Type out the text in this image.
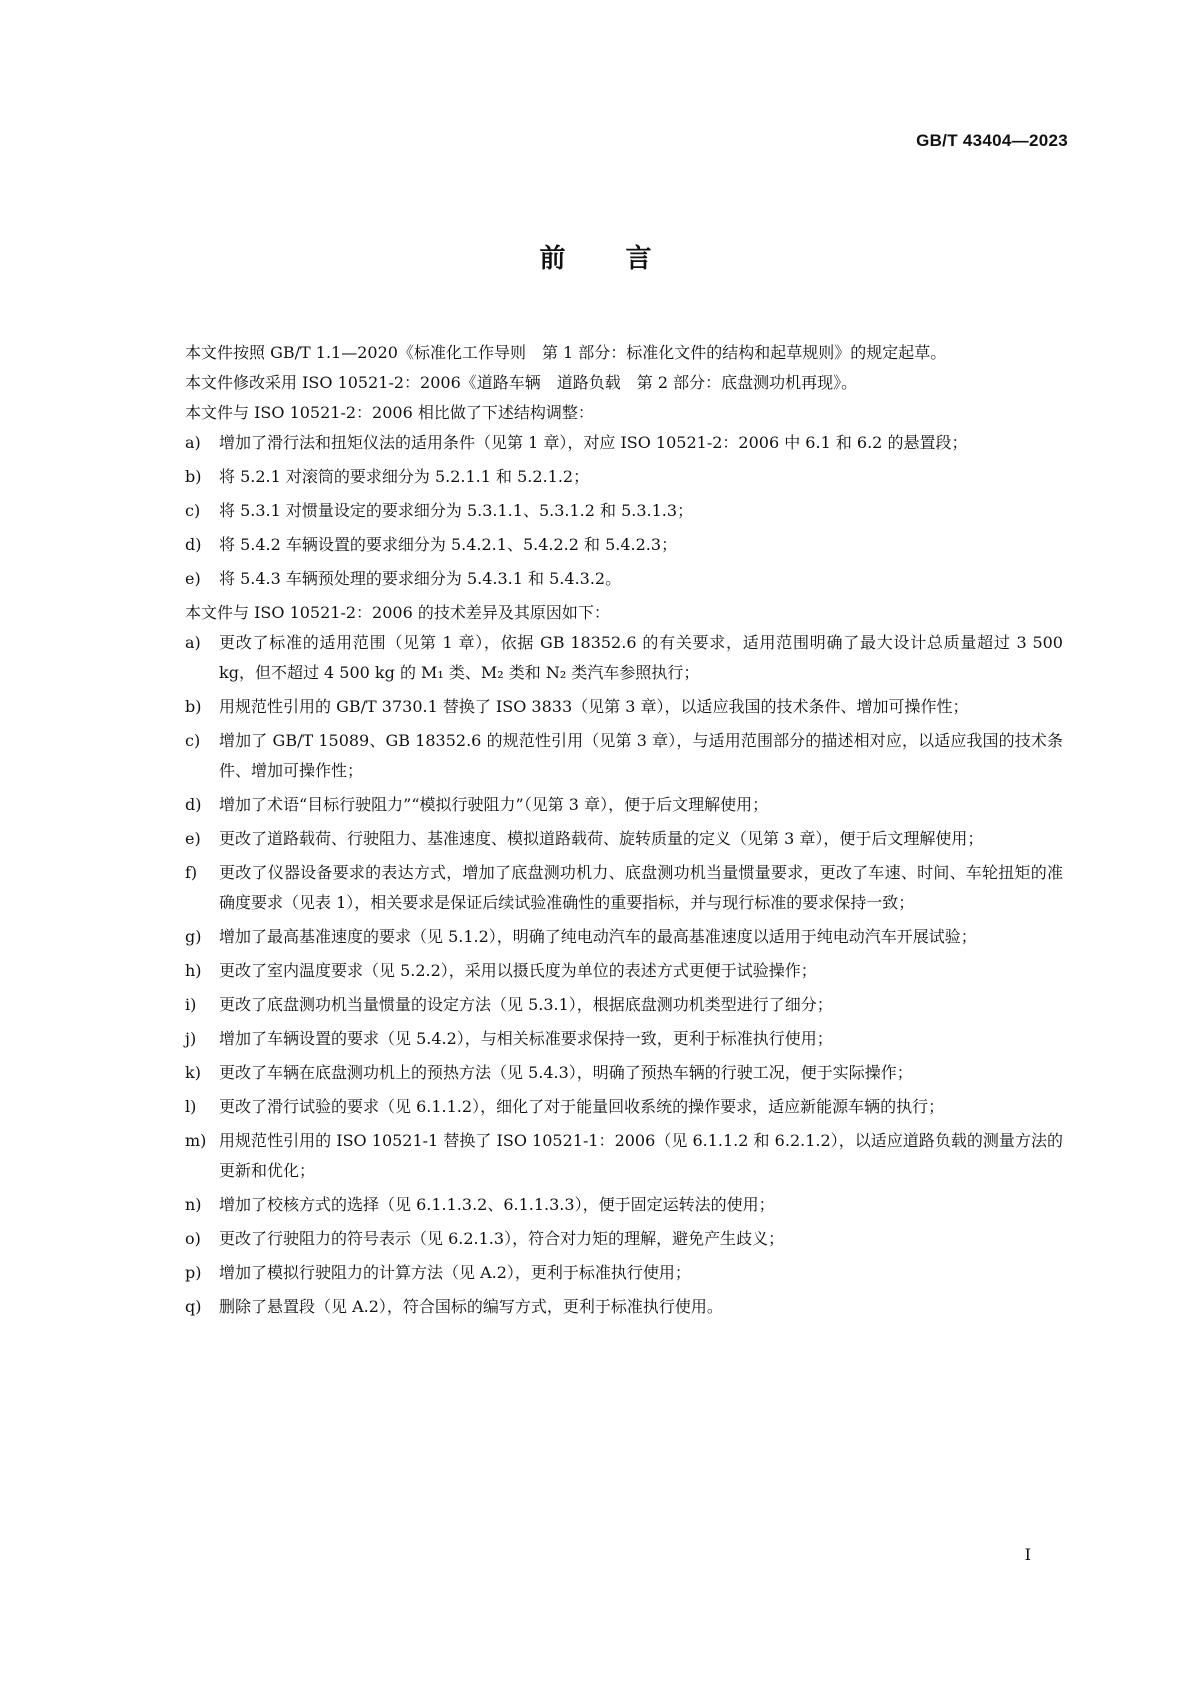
GB/T 43404—2023
前言

本文件按照 GB/T 1.1—2020《标准化工作导则　第 1 部分：标准化文件的结构和起草规则》的规定起草。

本文件修改采用 ISO 10521-2：2006《道路车辆　道路负载　第 2 部分：底盘测功机再现》。

本文件与 ISO 10521-2：2006 相比做了下述结构调整：

a) 增加了滑行法和扭矩仪法的适用条件（见第 1 章），对应 ISO 10521-2：2006 中 6.1 和 6.2 的悬置段；
b) 将 5.2.1 对滚筒的要求细分为 5.2.1.1 和 5.2.1.2；
c) 将 5.3.1 对惯量设定的要求细分为 5.3.1.1、5.3.1.2 和 5.3.1.3；
d) 将 5.4.2 车辆设置的要求细分为 5.4.2.1、5.4.2.2 和 5.4.2.3；
e) 将 5.4.3 车辆预处理的要求细分为 5.4.3.1 和 5.4.3.2。

本文件与 ISO 10521-2：2006 的技术差异及其原因如下：

a) 更改了标准的适用范围（见第 1 章），依据 GB 18352.6 的有关要求，适用范围明确了最大设计总质量超过 3 500 kg，但不超过 4 500 kg 的 M₁ 类、M₂ 类和 N₂ 类汽车参照执行；
b) 用规范性引用的 GB/T 3730.1 替换了 ISO 3833（见第 3 章），以适应我国的技术条件、增加可操作性；
c) 增加了 GB/T 15089、GB 18352.6 的规范性引用（见第 3 章），与适用范围部分的描述相对应，以适应我国的技术条件、增加可操作性；
d) 增加了术语“目标行驶阻力”“模拟行驶阻力”（见第 3 章），便于后文理解使用；
e) 更改了道路载荷、行驶阻力、基准速度、模拟道路载荷、旋转质量的定义（见第 3 章），便于后文理解使用；
f) 更改了仪器设备要求的表达方式，增加了底盘测功机力、底盘测功机当量惯量要求，更改了车速、时间、车轮扭矩的准确度要求（见表 1），相关要求是保证后续试验准确性的重要指标，并与现行标准的要求保持一致；
g) 增加了最高基准速度的要求（见 5.1.2），明确了纯电动汽车的最高基准速度以适用于纯电动汽车开展试验；
h) 更改了室内温度要求（见 5.2.2），采用以摄氏度为单位的表述方式更便于试验操作；
i) 更改了底盘测功机当量惯量的设定方法（见 5.3.1），根据底盘测功机类型进行了细分；
j) 增加了车辆设置的要求（见 5.4.2），与相关标准要求保持一致，更利于标准执行使用；
k) 更改了车辆在底盘测功机上的预热方法（见 5.4.3），明确了预热车辆的行驶工况，便于实际操作；
l) 更改了滑行试验的要求（见 6.1.1.2），细化了对于能量回收系统的操作要求，适应新能源车辆的执行；
m) 用规范性引用的 ISO 10521-1 替换了 ISO 10521-1：2006（见 6.1.1.2 和 6.2.1.2），以适应道路负载的测量方法的更新和优化；
n) 增加了校核方式的选择（见 6.1.1.3.2、6.1.1.3.3），便于固定运转法的使用；
o) 更改了行驶阻力的符号表示（见 6.2.1.3），符合对力矩的理解，避免产生歧义；
p) 增加了模拟行驶阻力的计算方法（见 A.2），更利于标准执行使用；
q) 删除了悬置段（见 A.2），符合国标的编写方式，更利于标准执行使用。
I
